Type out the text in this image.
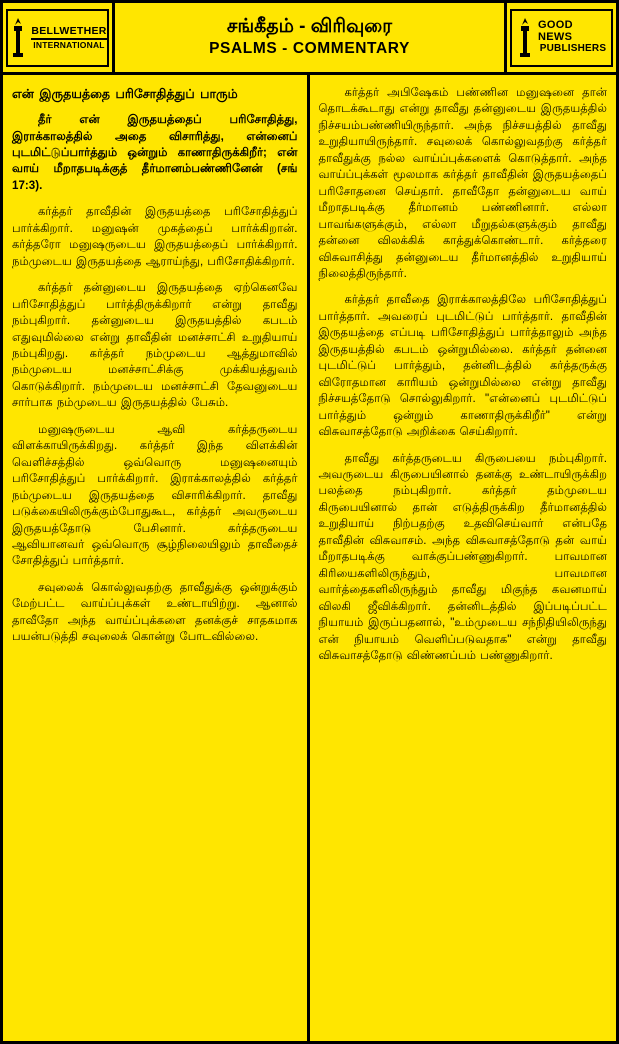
BELLWETHER
INTERNATIONAL
சங்கீதம் - விரிவுரை
PSALMS - COMMENTARY
GOOD NEWS
PUBLISHERS
என் இருதயத்தை பரிசோதித்துப் பாரும்

தீர் என் இருதயத்தைப் பரிசோதித்து, இராக்காலத்தில் அதை விசாரித்து, என்னைப் புடமிட்டுப்பார்த்தும் ஒன்றும் காணாதிருக்கிறீர்; என் வாய் மீறாதபடிக்குத் தீர்மானம்பண்ணினேன் (சங் 17:3).

கர்த்தர் தாவீதின் இருதயத்தை பரிசோதித்துப் பார்க்கிறார். மனுஷன் முகத்தைப் பார்க்கிறான். கர்த்தரோ மனுஷருடைய இருதயத்தைப் பார்க்கிறார். நம்முடைய இருதயத்தை ஆராய்ந்து, பரிசோதிக்கிறார்.

கர்த்தர் தன்னுடைய இருதயத்தை ஏற்கெனவே பரிசோதித்துப் பார்த்திருக்கிறார் என்று தாவீது நம்புகிறார். தன்னுடைய இருதயத்தில் கபடம் எதுவுமில்லை என்று தாவீதின் மனச்சாட்சி உறுதியாய் நம்புகிறது. கர்த்தர் நம்முடைய ஆத்துமாவில் நம்முடைய மனச்சாட்சிக்கு முக்கியத்துவம் கொடுக்கிறார். நம்முடைய மனச்சாட்சி தேவனுடைய சார்பாக நம்முடைய இருதயத்தில் பேசும்.

மனுஷருடைய ஆவி கர்த்தருடைய விளக்காயிருக்கிறது. கர்த்தர் இந்த விளக்கின் வெளிச்சத்தில் ஒவ்வொரு மனுஷனையும் பரிசோதித்துப் பார்க்கிறார். இராக்காலத்தில் கர்த்தர் நம்முடைய இருதயத்தை விசாரிக்கிறார். தாவீது படுக்கையிலிருக்கும்போதுகூட, கர்த்தர் அவருடைய இருதயத்தோடு பேசினார். கர்த்தருடைய ஆவியானவர் ஒவ்வொரு சூழ்நிலையிலும் தாவீதைச் சோதித்துப் பார்த்தார்.

சவுலைக் கொல்லுவதற்கு தாவீதுக்கு ஒன்றுக்கும் மேற்பட்ட வாய்ப்புக்கள் உண்டாயிற்று. ஆனால் தாவீதோ அந்த வாய்ப்புக்களை தனக்குச் சாதகமாக பயன்படுத்தி சவுலைக் கொன்று போடவில்லை.

கர்த்தர் அபிஷேகம் பண்ணின மனுஷனை தான் தொடக்கூடாது என்று தாவீது தன்னுடைய இருதயத்தில் நிச்சயம்பண்ணியிருந்தார். அந்த நிச்சயத்தில் தாவீது உறுதியாயிருந்தார். சவுலைக் கொல்லுவதற்கு கர்த்தர் தாவீதுக்கு நல்ல வாய்ப்புக்களைக் கொடுத்தார். அந்த வாய்ப்புக்கள் மூலமாக கர்த்தர் தாவீதின் இருதயத்தைப் பரிசோதனை செய்தார். தாவீதோ தன்னுடைய வாய் மீறாதபடிக்கு தீர்மானம் பண்ணினார். எல்லா பாவங்களுக்கும், எல்லா மீறுதல்களுக்கும் தாவீது தன்னை விலக்கிக் காத்துக்கொண்டார். கர்த்தரை விசுவாசித்து தன்னுடைய தீர்மானத்தில் உறுதியாய் நிலைத்திருந்தார்.

கர்த்தர் தாவீதை இராக்காலத்திலே பரிசோதித்துப் பார்த்தார். அவரைப் புடமிட்டுப் பார்த்தார். தாவீதின் இருதயத்தை எப்படி பரிசோதித்துப் பார்த்தாலும் அந்த இருதயத்தில் கபடம் ஒன்றுமில்லை. கர்த்தர் தன்னை புடமிட்டுப் பார்த்தும், தன்னிடத்தில் கர்த்தருக்கு விரோதமான காரியம் ஒன்றுமில்லை என்று தாவீது நிச்சயத்தோடு சொல்லுகிறார். "என்னைப் புடமிட்டுப் பார்த்தும் ஒன்றும் காணாதிருக்கிறீர்" என்று விசுவாசத்தோடு அறிக்கை செய்கிறார்.

தாவீது கர்த்தருடைய கிருபையை நம்புகிறார். அவருடைய கிருபையினால் தனக்கு உண்டாயிருக்கிற பலத்தை நம்புகிறார். கர்த்தர் தம்முடைய கிருபையினால் தான் எடுத்திருக்கிற தீர்மானத்தில் உறுதியாய் நிற்பதற்கு உதவிசெய்வார் என்பதே தாவீதின் விசுவாசம். அந்த விசுவாசத்தோடு தன் வாய் மீறாதபடிக்கு வாக்குப்பண்ணுகிறார். பாவமான கிரியைகளிலிருந்தும், பாவமான வார்த்தைகளிலிருந்தும் தாவீது மிகுந்த கவனமாய் விலகி ஜீவிக்கிறார். தன்னிடத்தில் இப்படிப்பட்ட நியாயம் இருப்பதனால், "உம்முடைய சந்நிதியிலிருந்து என் நியாயம் வெளிப்படுவதாக" என்று தாவீது விசுவாசத்தோடு விண்ணப்பம் பண்ணுகிறார்.
